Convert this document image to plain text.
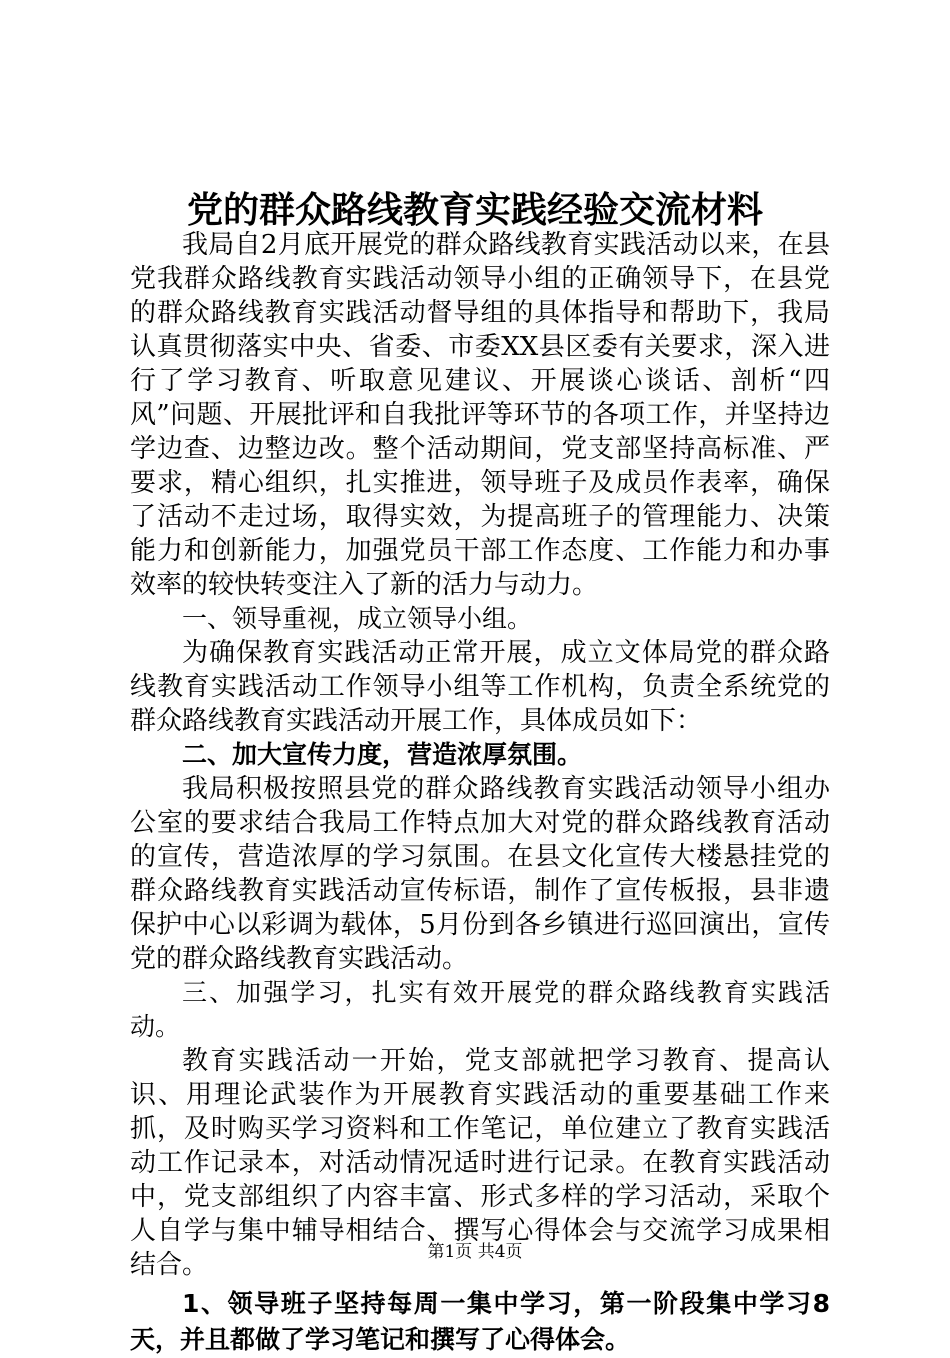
党的群众路线教育实践经验交流材料

我局自2月底开展党的群众路线教育实践活动以来，在县党我群众路线教育实践活动领导小组的正确领导下，在县党的群众路线教育实践活动督导组的具体指导和帮助下，我局认真贯彻落实中央、省委、市委XX县区委有关要求，深入进行了学习教育、听取意见建议、开展谈心谈话、剖析“四风”问题、开展批评和自我批评等环节的各项工作，并坚持边学边查、边整边改。整个活动期间，党支部坚持高标准、严要求，精心组织，扎实推进，领导班子及成员作表率，确保了活动不走过场，取得实效，为提高班子的管理能力、决策能力和创新能力，加强党员干部工作态度、工作能力和办事效率的较快转变注入了新的活力与动力。

一、领导重视，成立领导小组。

为确保教育实践活动正常开展，成立文体局党的群众路线教育实践活动工作领导小组等工作机构，负责全系统党的群众路线教育实践活动开展工作，具体成员如下：

二、加大宣传力度，营造浓厚氛围。

我局积极按照县党的群众路线教育实践活动领导小组办公室的要求结合我局工作特点加大对党的群众路线教育活动的宣传，营造浓厚的学习氛围。在县文化宣传大楼悬挂党的群众路线教育实践活动宣传标语，制作了宣传板报，县非遗保护中心以彩调为载体，5月份到各乡镇进行巡回演出，宣传党的群众路线教育实践活动。

三、加强学习，扎实有效开展党的群众路线教育实践活动。

教育实践活动一开始，党支部就把学习教育、提高认识、用理论武装作为开展教育实践活动的重要基础工作来抓，及时购买学习资料和工作笔记，单位建立了教育实践活动工作记录本，对活动情况适时进行记录。在教育实践活动中，党支部组织了内容丰富、形式多样的学习活动，采取个人自学与集中辅导相结合、撰写心得体会与交流学习成果相结合。

1、领导班子坚持每周一集中学习，第一阶段集中学习8天，并且都做了学习笔记和撰写了心得体会。

第1页 共4页
